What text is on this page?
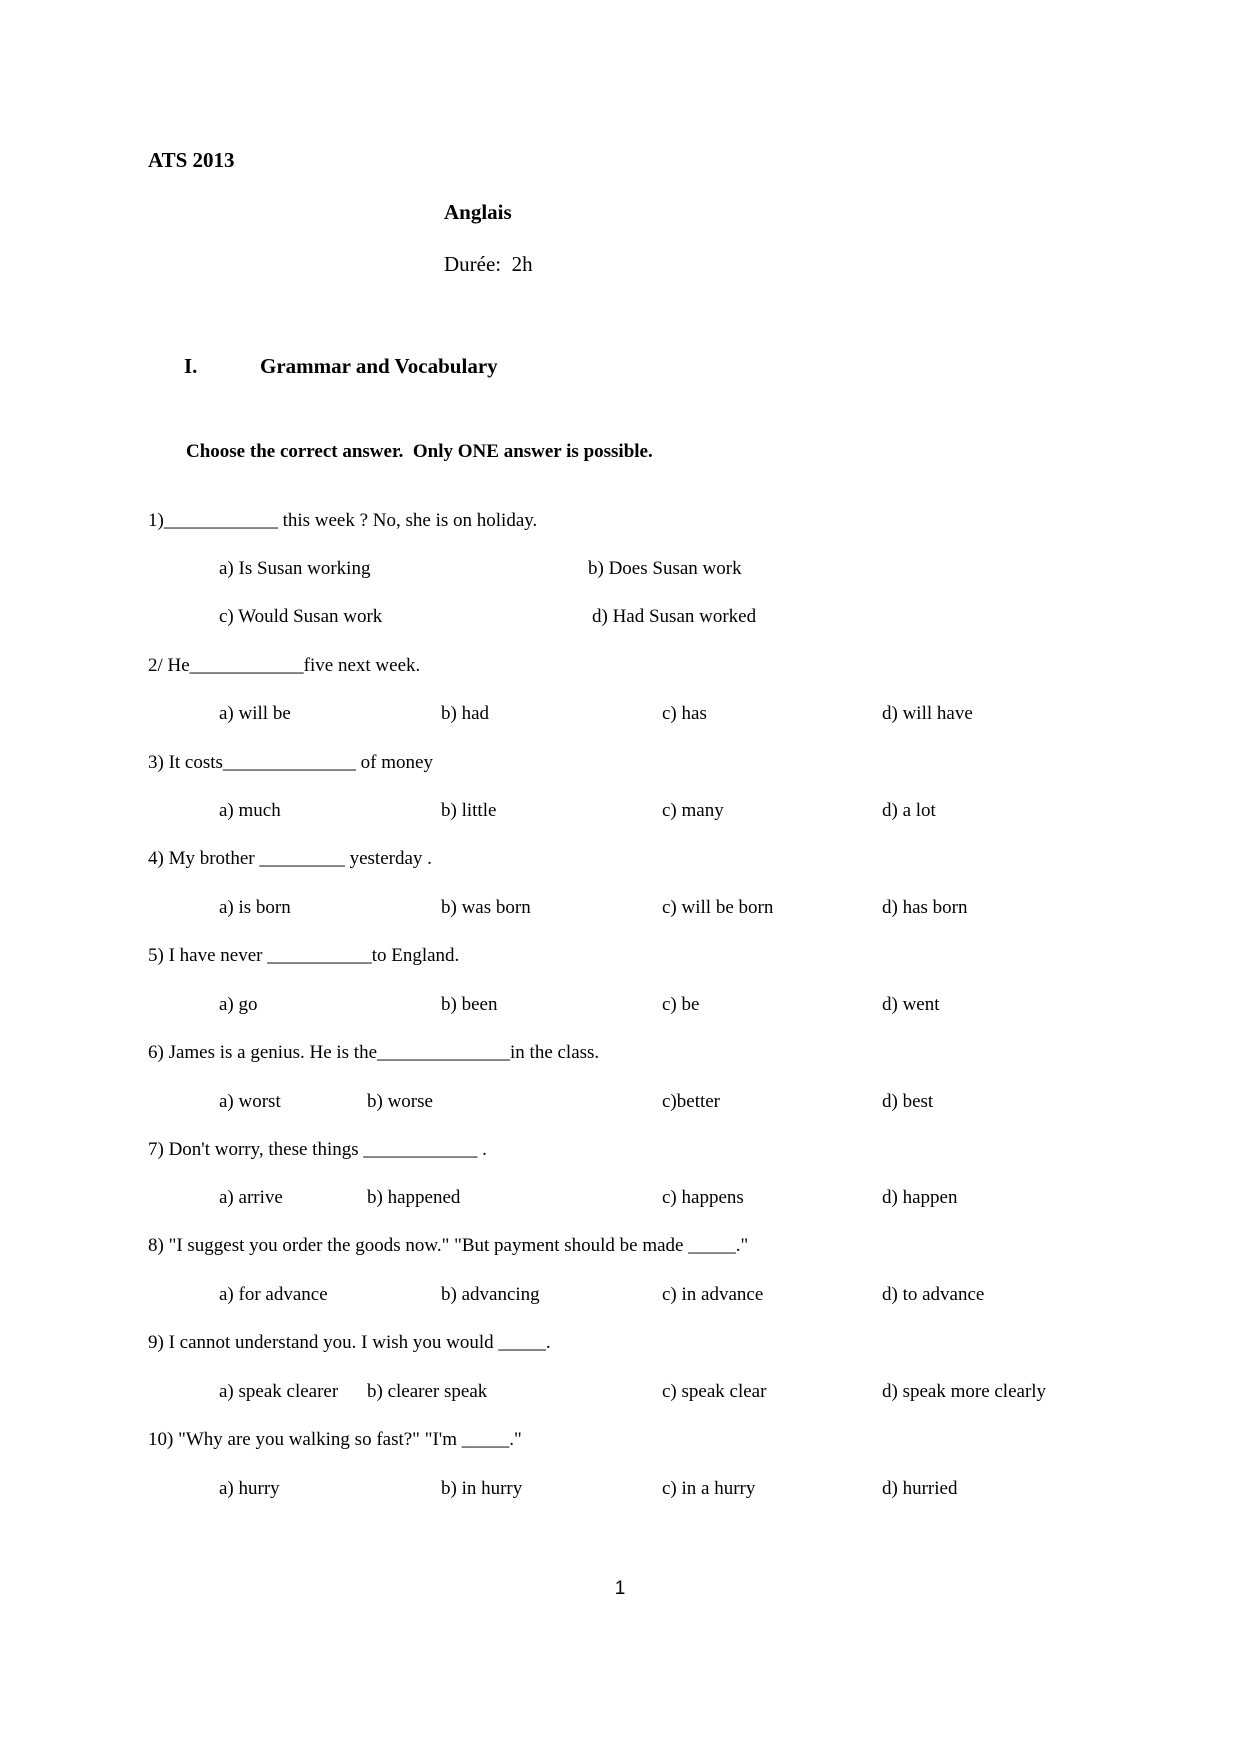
ATS 2013
Anglais
Durée:  2h
I.	Grammar and Vocabulary
Choose the correct answer.  Only ONE answer is possible.
1)____________ this week ? No, she is on holiday.
a) Is Susan working	b) Does Susan work
c) Would Susan work	d) Had Susan worked
2/ He____________five next week.
a) will be	b) had	c) has	d) will have
3) It costs______________ of money
a) much	b) little	c) many	d) a lot
4) My brother _________ yesterday .
a) is born	b) was born	c) will be born	d) has born
5) I have never ___________to England.
a) go	b) been	c) be	d) went
6) James is a genius. He is the______________in the class.
a) worst	b) worse	c)better	d) best
7) Don't worry, these things ____________ .
a) arrive	b) happened	c) happens	d) happen
8) "I suggest you order the goods now." "But payment should be made _____."
a) for advance	b) advancing	c) in advance	d) to advance
9) I cannot understand you. I wish you would _____.
a) speak clearer b) clearer speak	c) speak clear	d) speak more clearly
10) "Why are you walking so fast?" "I'm _____."
a) hurry	b) in hurry	c) in a hurry	d) hurried
1
